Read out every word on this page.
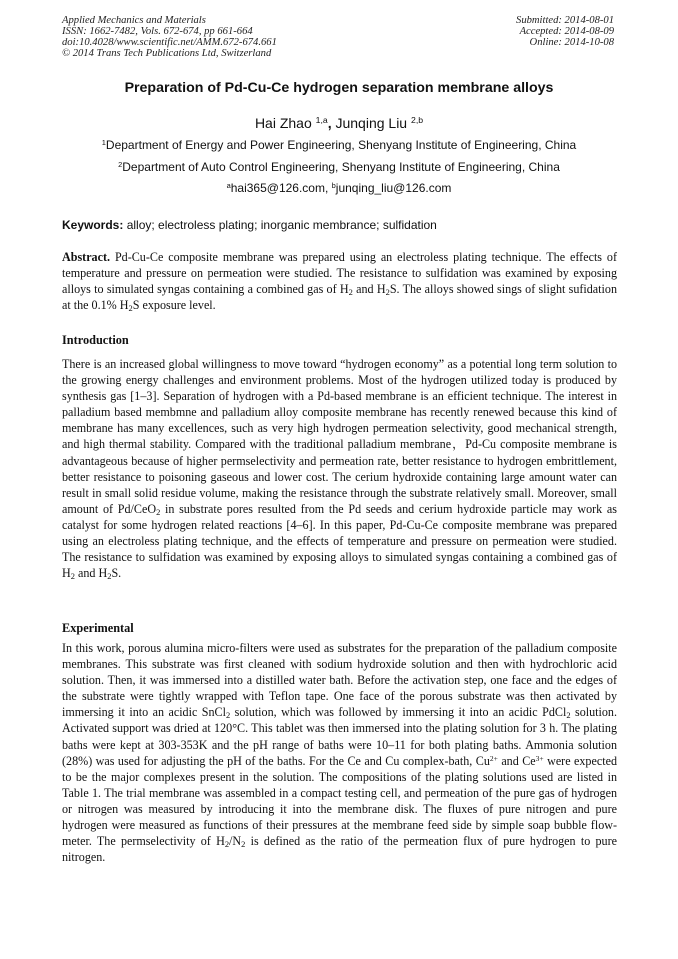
Applied Mechanics and Materials
ISSN: 1662-7482, Vols. 672-674, pp 661-664
doi:10.4028/www.scientific.net/AMM.672-674.661
© 2014 Trans Tech Publications Ltd, Switzerland
Submitted: 2014-08-01
Accepted: 2014-08-09
Online: 2014-10-08
Preparation of Pd-Cu-Ce hydrogen separation membrane alloys
Hai Zhao $^{1,a}$, Junqing Liu $^{2,b}$
$^1$Department of Energy and Power Engineering, Shenyang Institute of Engineering, China
$^2$Department of Auto Control Engineering, Shenyang Institute of Engineering, China
$^a$hai365@126.com, $^b$junqing_liu@126.com
Keywords: alloy; electroless plating; inorganic membrance; sulfidation
Abstract. Pd-Cu-Ce composite membrane was prepared using an electroless plating technique. The effects of temperature and pressure on permeation were studied. The resistance to sulfidation was examined by exposing alloys to simulated syngas containing a combined gas of $H_2$ and $H_2S$. The alloys showed sings of slight sufidation at the 0.1% $H_2S$ exposure level.
Introduction
There is an increased global willingness to move toward “hydrogen economy” as a potential long term solution to the growing energy challenges and environment problems. Most of the hydrogen utilized today is produced by synthesis gas [1–3]. Separation of hydrogen with a Pd-based membrane is an efficient technique. The interest in palladium based membmne and palladium alloy composite membrane has recently renewed because this kind of membrane has many excellences, such as very high hydrogen permeation selectivity, good mechanical strength, and high thermal stability. Compared with the traditional palladium membrane，Pd-Cu composite membrane is advantageous because of higher permselectivity and permeation rate, better resistance to hydrogen embrittlement, better resistance to poisoning gaseous and lower cost. The cerium hydroxide containing large amount water can result in small solid residue volume, making the resistance through the substrate relatively small. Moreover, small amount of Pd/CeO$_2$ in substrate pores resulted from the Pd seeds and cerium hydroxide particle may work as catalyst for some hydrogen related reactions [4–6]. In this paper, Pd-Cu-Ce composite membrane was prepared using an electroless plating technique, and the effects of temperature and pressure on permeation were studied. The resistance to sulfidation was examined by exposing alloys to simulated syngas containing a combined gas of $H_2$ and $H_2S$.
Experimental
In this work, porous alumina micro-filters were used as substrates for the preparation of the palladium composite membranes. This substrate was first cleaned with sodium hydroxide solution and then with hydrochloric acid solution. Then, it was immersed into a distilled water bath. Before the activation step, one face and the edges of the substrate were tightly wrapped with Teflon tape. One face of the porous substrate was then activated by immersing it into an acidic SnCl$_2$ solution, which was followed by immersing it into an acidic PdCl$_2$ solution. Activated support was dried at 120°C. This tablet was then immersed into the plating solution for 3 h. The plating baths were kept at 303-353K and the pH range of baths were 10–11 for both plating baths. Ammonia solution (28%) was used for adjusting the pH of the baths. For the Ce and Cu complex-bath, $Cu^{2+}$ and $Ce^{3+}$ were expected to be the major complexes present in the solution. The compositions of the plating solutions used are listed in Table 1. The trial membrane was assembled in a compact testing cell, and permeation of the pure gas of hydrogen or nitrogen was measured by introducing it into the membrane disk. The fluxes of pure nitrogen and pure hydrogen were measured as functions of their pressures at the membrane feed side by simple soap bubble flow-meter. The permselectivity of $H_2/N_2$ is defined as the ratio of the permeation flux of pure hydrogen to pure nitrogen.
